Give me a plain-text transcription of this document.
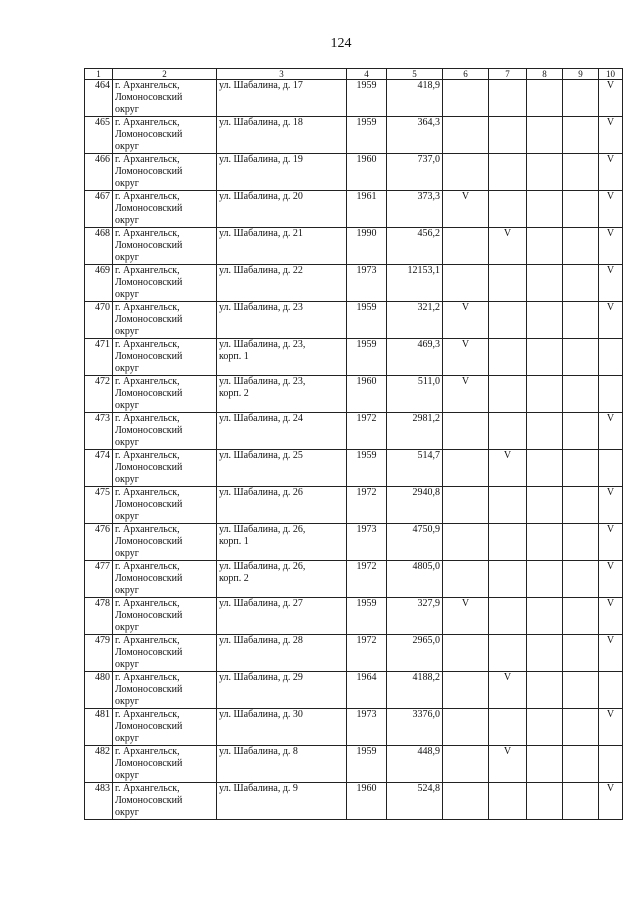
124
1	2	3	4	5	6	7	8	9	10
464	г. Архангельск,
Ломоносовский
округ	ул. Шабалина, д. 17	1959	418,9					V
465	г. Архангельск,
Ломоносовский
округ	ул. Шабалина, д. 18	1959	364,3					V
466	г. Архангельск,
Ломоносовский
округ	ул. Шабалина, д. 19	1960	737,0					V
467	г. Архангельск,
Ломоносовский
округ	ул. Шабалина, д. 20	1961	373,3	V				V
468	г. Архангельск,
Ломоносовский
округ	ул. Шабалина, д. 21	1990	456,2		V			V
469	г. Архангельск,
Ломоносовский
округ	ул. Шабалина, д. 22	1973	12153,1					V
470	г. Архангельск,
Ломоносовский
округ	ул. Шабалина, д. 23	1959	321,2	V				V
471	г. Архангельск,
Ломоносовский
округ	ул. Шабалина, д. 23,
корп. 1	1959	469,3	V				
472	г. Архангельск,
Ломоносовский
округ	ул. Шабалина, д. 23,
корп. 2	1960	511,0	V				
473	г. Архангельск,
Ломоносовский
округ	ул. Шабалина, д. 24	1972	2981,2					V
474	г. Архангельск,
Ломоносовский
округ	ул. Шабалина, д. 25	1959	514,7		V			
475	г. Архангельск,
Ломоносовский
округ	ул. Шабалина, д. 26	1972	2940,8					V
476	г. Архангельск,
Ломоносовский
округ	ул. Шабалина, д. 26,
корп. 1	1973	4750,9					V
477	г. Архангельск,
Ломоносовский
округ	ул. Шабалина, д. 26,
корп. 2	1972	4805,0					V
478	г. Архангельск,
Ломоносовский
округ	ул. Шабалина, д. 27	1959	327,9	V				V
479	г. Архангельск,
Ломоносовский
округ	ул. Шабалина, д. 28	1972	2965,0					V
480	г. Архангельск,
Ломоносовский
округ	ул. Шабалина, д. 29	1964	4188,2		V			
481	г. Архангельск,
Ломоносовский
округ	ул. Шабалина, д. 30	1973	3376,0					V
482	г. Архангельск,
Ломоносовский
округ	ул. Шабалина, д. 8	1959	448,9		V			
483	г. Архангельск,
Ломоносовский
округ	ул. Шабалина, д. 9	1960	524,8					V
